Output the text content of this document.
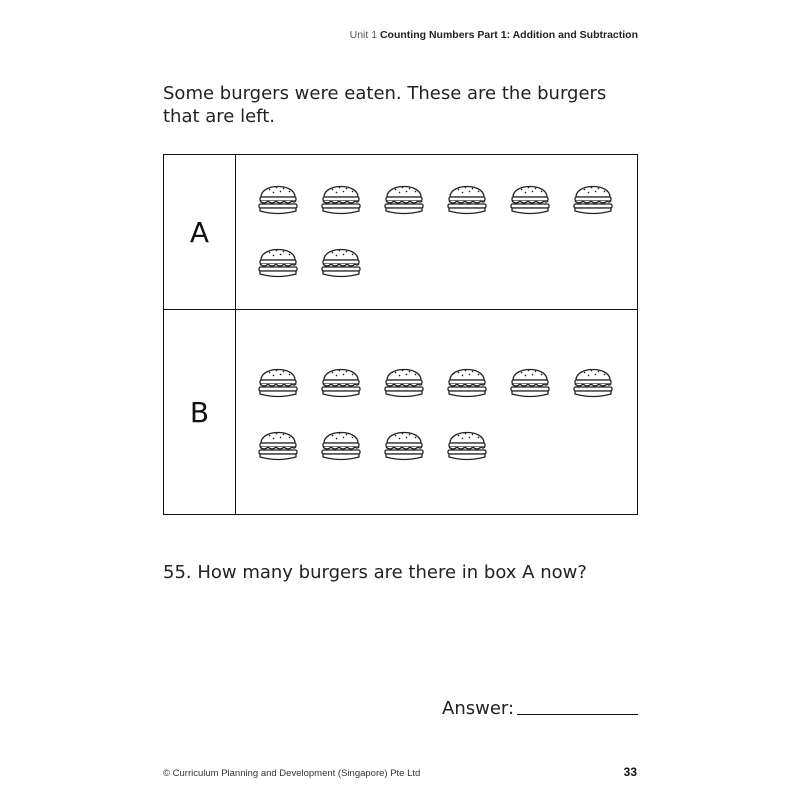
Unit 1 Counting Numbers Part 1: Addition and Subtraction
Some burgers were eaten. These are the burgers
that are left.
A
B
55. How many burgers are there in box A now?
Answer:
© Curriculum Planning and Development (Singapore) Pte Ltd	33
